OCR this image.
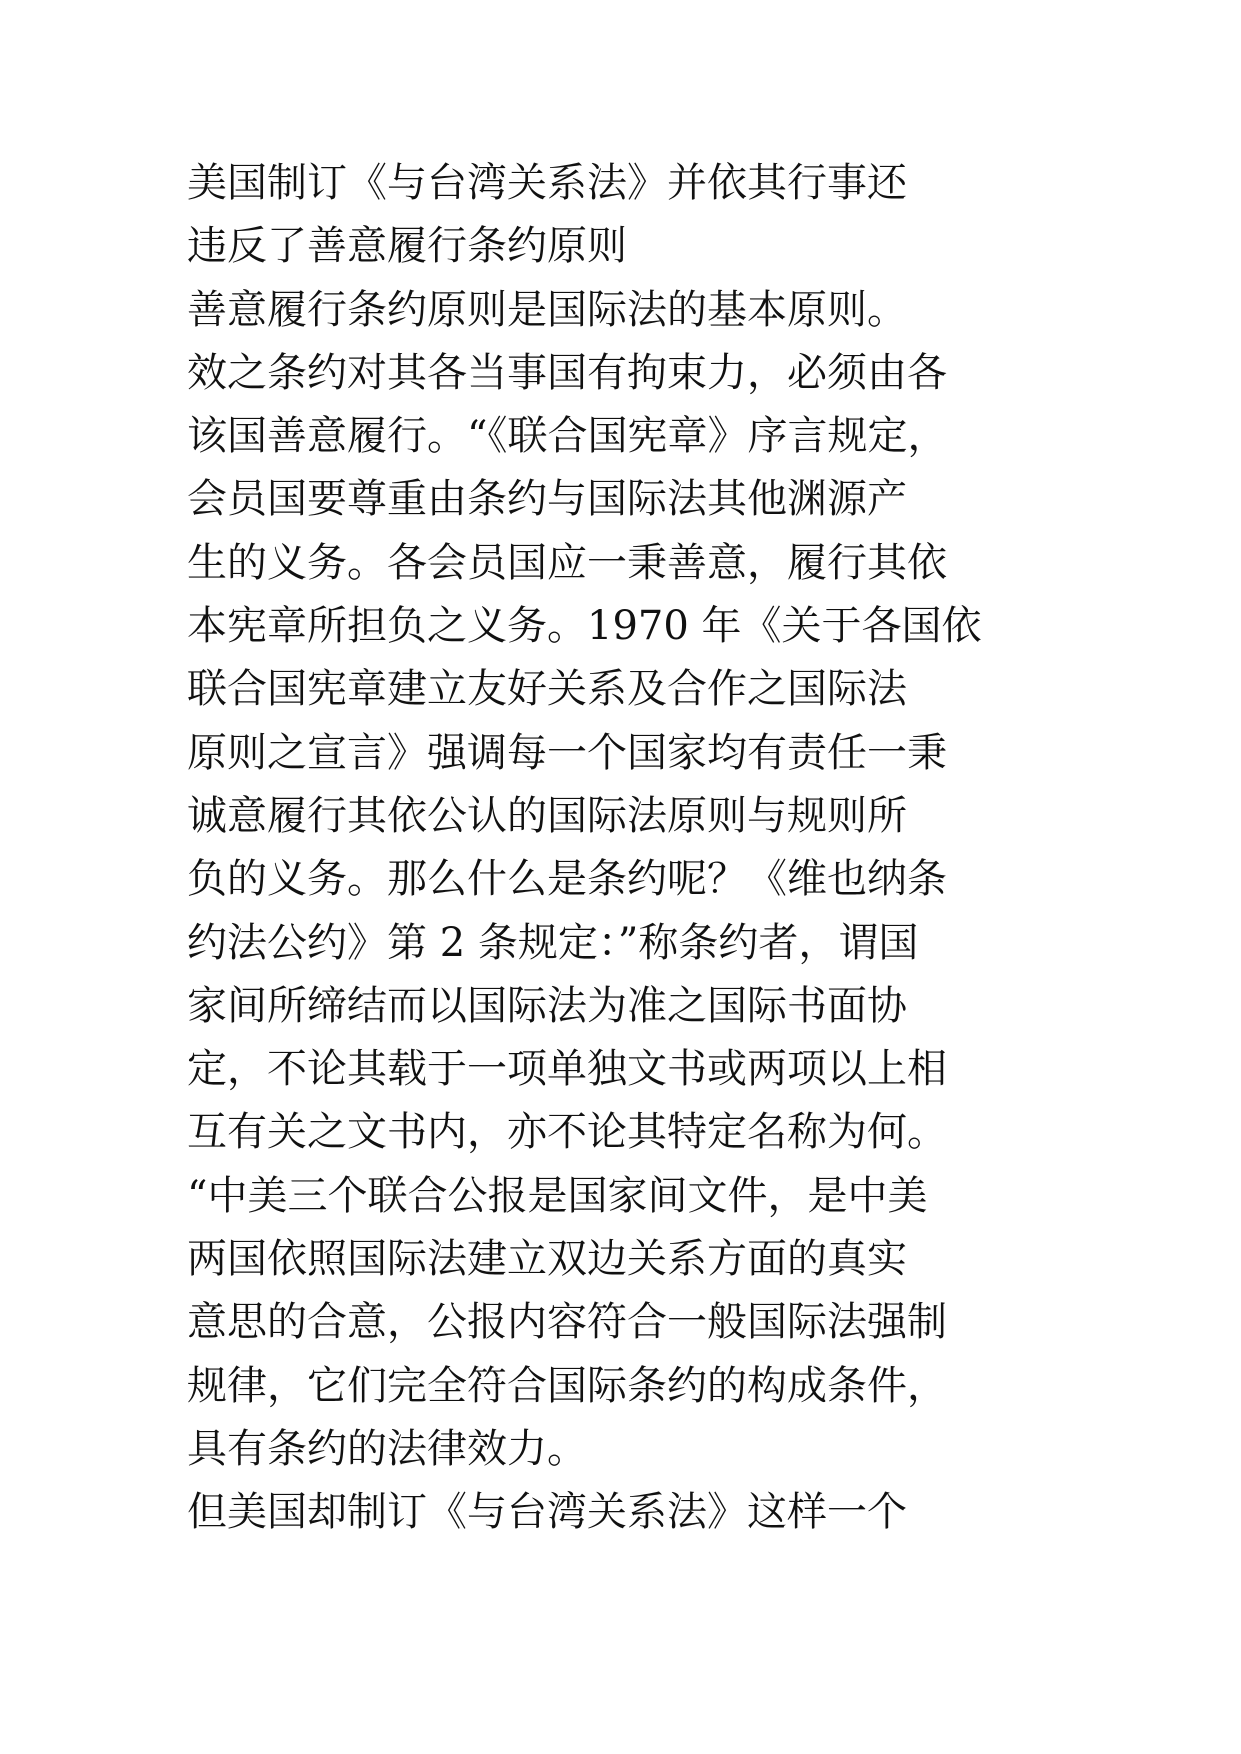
美国制订《与台湾关系法》并依其行事还
违反了善意履行条约原则
善意履行条约原则是国际法的基本原则。
效之条约对其各当事国有拘束力，必须由各
该国善意履行。“《联合国宪章》序言规定，
会员国要尊重由条约与国际法其他渊源产
生的义务。各会员国应一秉善意，履行其依
本宪章所担负之义务。1970 年《关于各国依
联合国宪章建立友好关系及合作之国际法
原则之宣言》强调每一个国家均有责任一秉
诚意履行其依公认的国际法原则与规则所
负的义务。那么什么是条约呢？《维也纳条
约法公约》第 2 条规定：”称条约者，谓国
家间所缔结而以国际法为准之国际书面协
定，不论其载于一项单独文书或两项以上相
互有关之文书内，亦不论其特定名称为何。
“中美三个联合公报是国家间文件，是中美
两国依照国际法建立双边关系方面的真实
意思的合意，公报内容符合一般国际法强制
规律，它们完全符合国际条约的构成条件，
具有条约的法律效力。
但美国却制订《与台湾关系法》这样一个
